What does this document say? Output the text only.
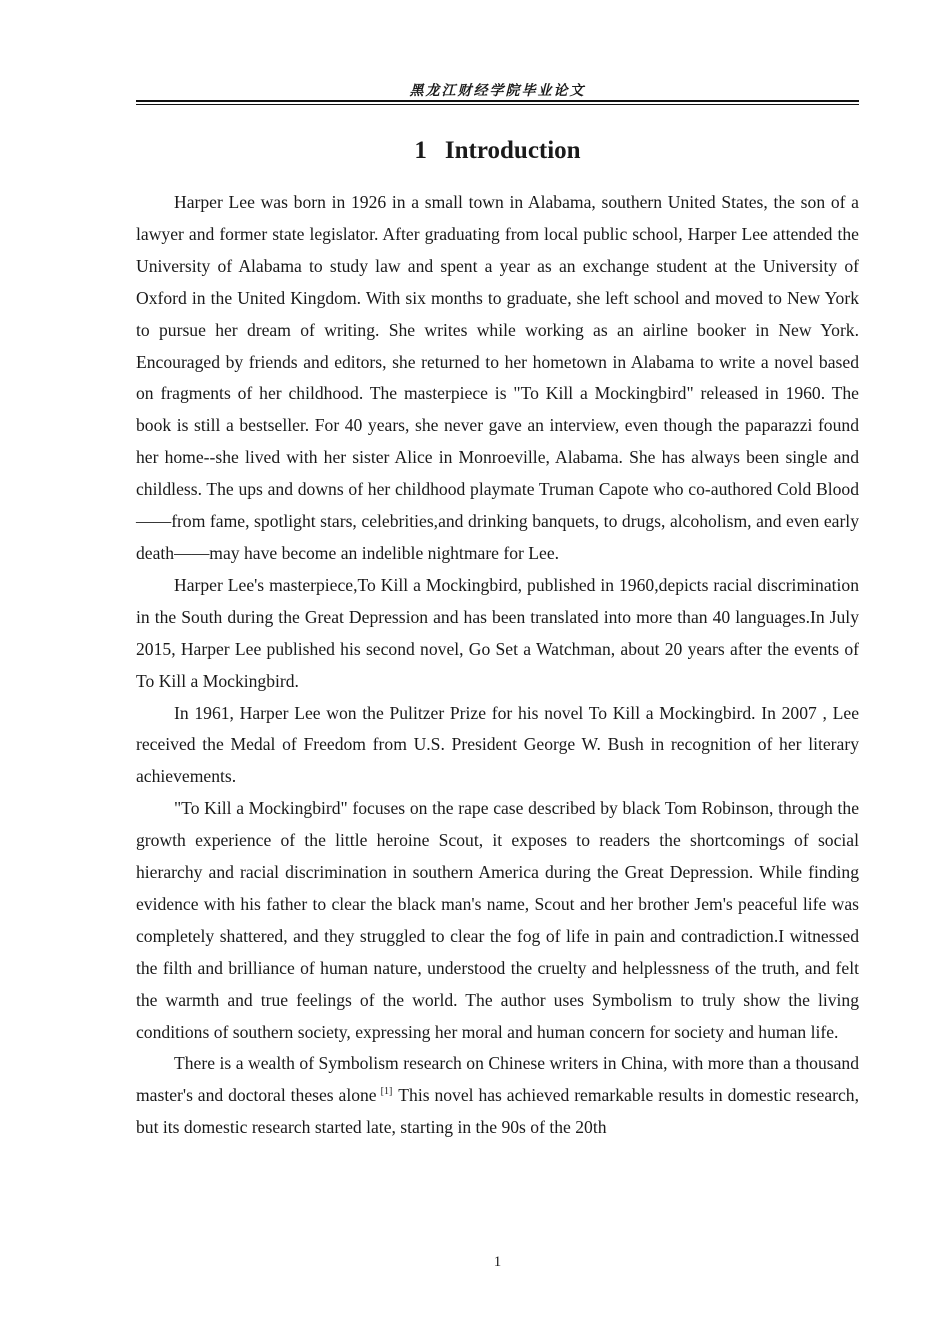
黑龙江财经学院毕业论文
1 Introduction

Harper Lee was born in 1926 in a small town in Alabama, southern United States, the son of a lawyer and former state legislator. After graduating from local public school, Harper Lee attended the University of Alabama to study law and spent a year as an exchange student at the University of Oxford in the United Kingdom. With six months to graduate, she left school and moved to New York to pursue her dream of writing. She writes while working as an airline booker in New York. Encouraged by friends and editors, she returned to her hometown in Alabama to write a novel based on fragments of her childhood. The masterpiece is "To Kill a Mockingbird" released in 1960. The book is still a bestseller. For 40 years, she never gave an interview, even though the paparazzi found her home--she lived with her sister Alice in Monroeville, Alabama. She has always been single and childless. The ups and downs of her childhood playmate Truman Capote who co-authored Cold Blood——from fame, spotlight stars, celebrities,and drinking banquets, to drugs, alcoholism, and even early death——may have become an indelible nightmare for Lee.

Harper Lee's masterpiece,To Kill a Mockingbird, published in 1960,depicts racial discrimination in the South during the Great Depression and has been translated into more than 40 languages.In July 2015, Harper Lee published his second novel, Go Set a Watchman, about 20 years after the events of To Kill a Mockingbird.

In 1961, Harper Lee won the Pulitzer Prize for his novel To Kill a Mockingbird. In 2007 , Lee received the Medal of Freedom from U.S. President George W. Bush in recognition of her literary achievements.

"To Kill a Mockingbird" focuses on the rape case described by black Tom Robinson, through the growth experience of the little heroine Scout, it exposes to readers the shortcomings of social hierarchy and racial discrimination in southern America during the Great Depression. While finding evidence with his father to clear the black man's name, Scout and her brother Jem's peaceful life was completely shattered, and they struggled to clear the fog of life in pain and contradiction.I witnessed the filth and brilliance of human nature, understood the cruelty and helplessness of the truth, and felt the warmth and true feelings of the world. The author uses Symbolism to truly show the living conditions of southern society, expressing her moral and human concern for society and human life.

There is a wealth of Symbolism research on Chinese writers in China, with more than a thousand master's and doctoral theses alone [1] This novel has achieved remarkable results in domestic research, but its domestic research started late, starting in the 90s of the 20th

1
